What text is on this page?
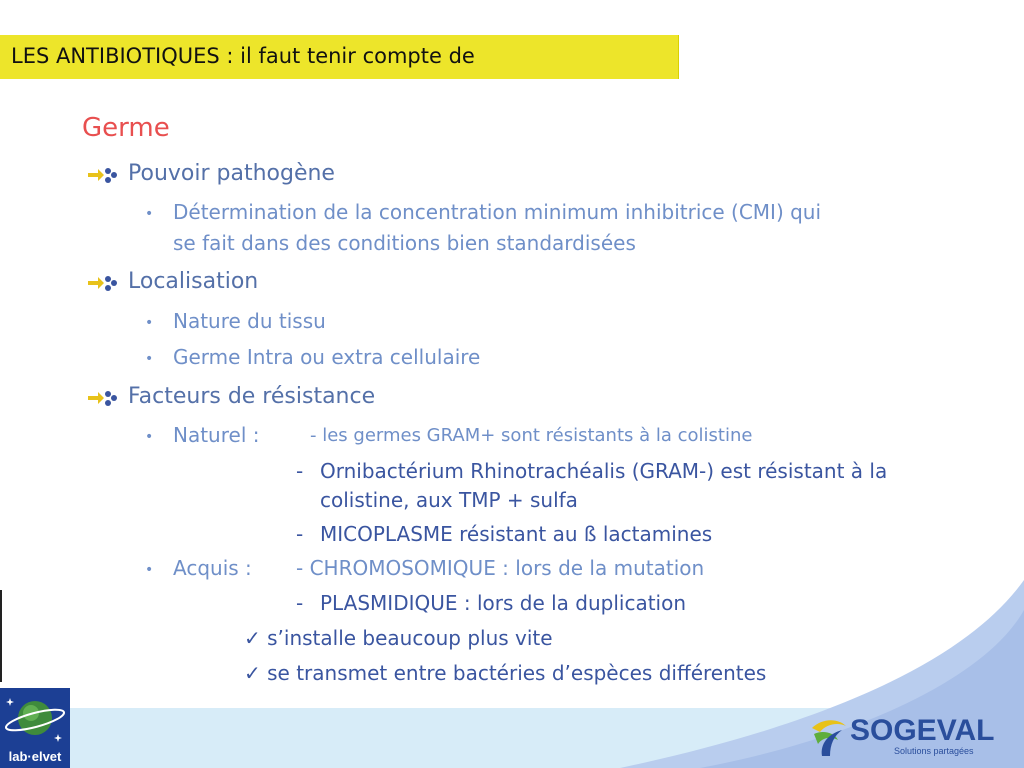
LES ANTIBIOTIQUES : il faut tenir compte de
Germe
Pouvoir pathogène
• Détermination de la concentration minimum inhibitrice (CMI) qui
se fait dans des conditions bien standardisées
Localisation
• Nature du tissu
• Germe Intra ou extra cellulaire
Facteurs de résistance
• Naturel :	- les germes GRAM+ sont résistants à la colistine
- Ornibactérium Rhinotrachéalis (GRAM-) est résistant à la
colistine, aux TMP + sulfa
- MICOPLASME résistant au ß lactamines
• Acquis : - CHROMOSOMIQUE : lors de la mutation
- PLASMIDIQUE : lors de la duplication
✓ s’installe beaucoup plus vite
✓ se transmet entre bactéries d’espèces différentes
lab·elvet
SOGEVAL
Solutions partagées
